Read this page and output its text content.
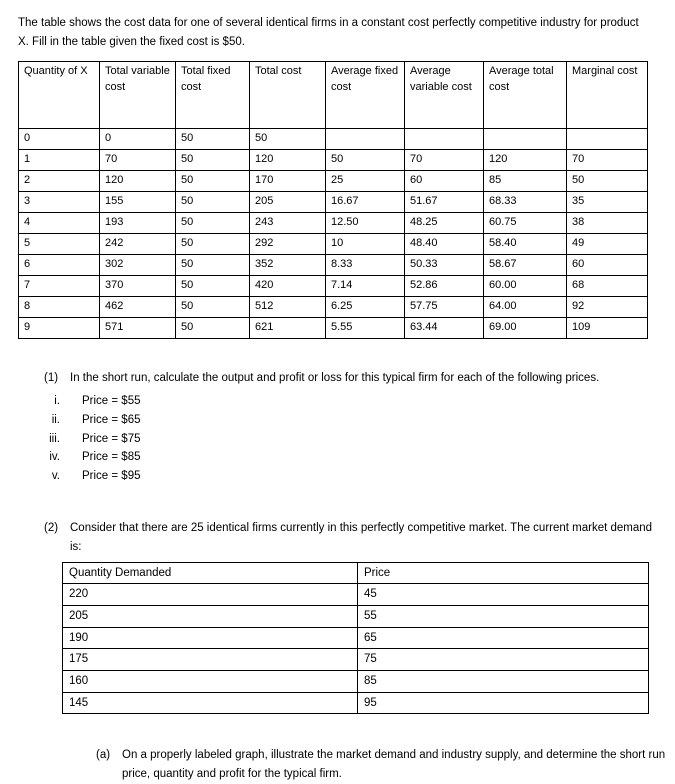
The table shows the cost data for one of several identical firms in a constant cost perfectly competitive industry for product X. Fill in the table given the fixed cost is $50.

Quantity of X	Total variable cost	Total fixed cost	Total cost	Average fixed cost	Average variable cost	Average total cost	Marginal cost
0	0	50	50				
1	70	50	120	50	70	120	70
2	120	50	170	25	60	85	50
3	155	50	205	16.67	51.67	68.33	35
4	193	50	243	12.50	48.25	60.75	38
5	242	50	292	10	48.40	58.40	49
6	302	50	352	8.33	50.33	58.67	60
7	370	50	420	7.14	52.86	60.00	68
8	462	50	512	6.25	57.75	64.00	92
9	571	50	621	5.55	63.44	69.00	109
(1) In the short run, calculate the output and profit or loss for this typical firm for each of the following prices.
i.	Price = $55
ii.	Price = $65
iii.	Price = $75
iv.	Price = $85
v.	Price = $95
(2) Consider that there are 25 identical firms currently in this perfectly competitive market. The current market demand is:
Quantity Demanded	Price
220	45
205	55
190	65
175	75
160	85
145	95
(a) On a properly labeled graph, illustrate the market demand and industry supply, and determine the short run price, quantity and profit for the typical firm.
